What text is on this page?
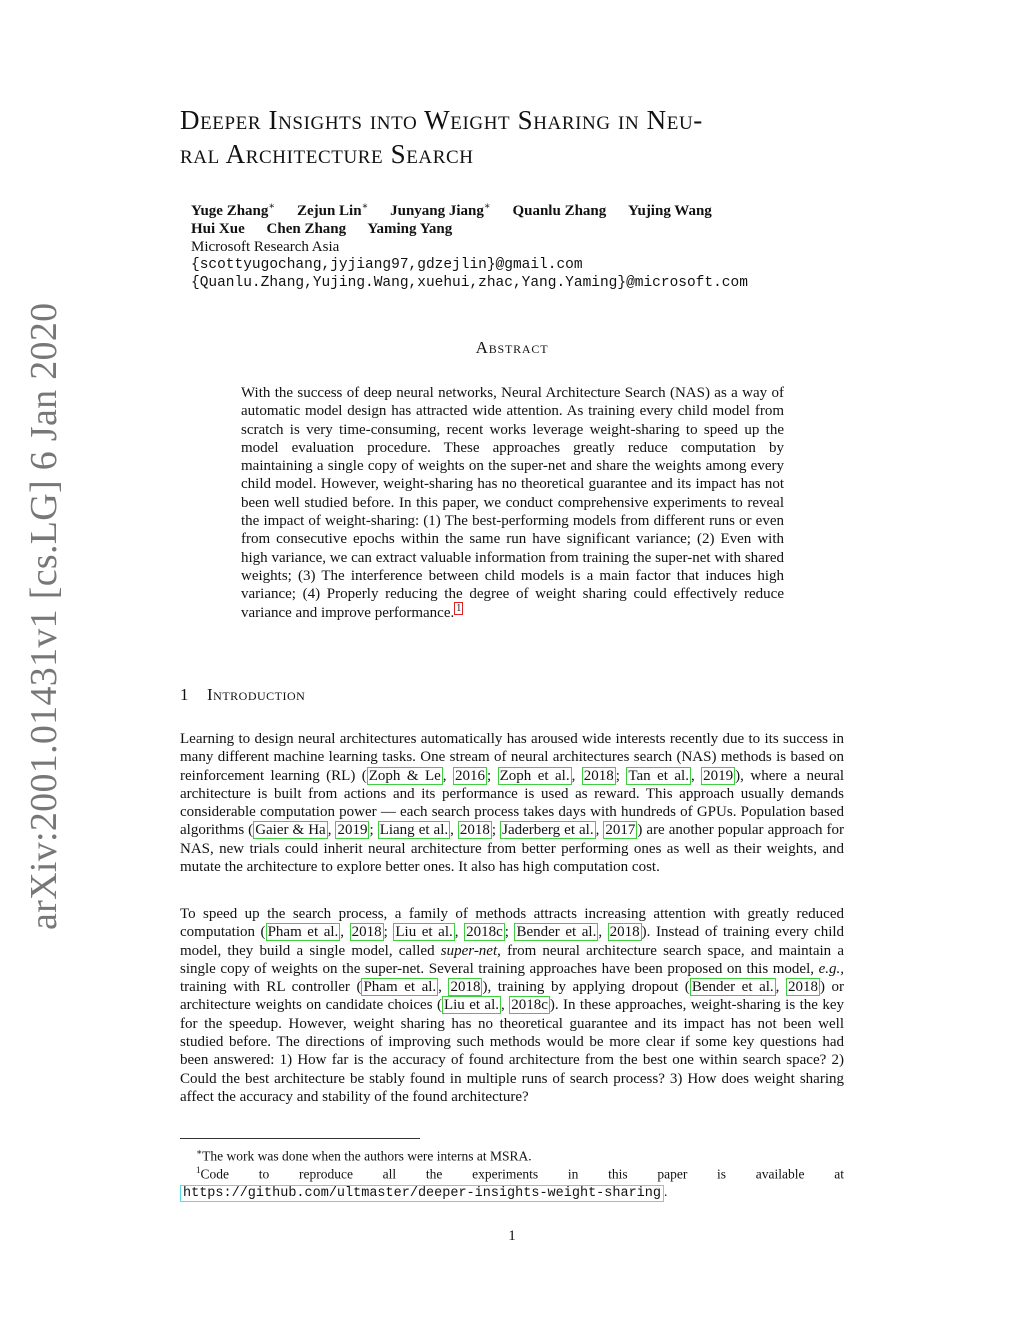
arXiv:2001.01431v1 [cs.LG] 6 Jan 2020
Deeper Insights into Weight Sharing in Neu-
ral Architecture Search
Yuge Zhang∗ Zejun Lin∗ Junyang Jiang∗ Quanlu Zhang Yujing Wang
Hui Xue Chen Zhang Yaming Yang
Microsoft Research Asia
{scottyugochang,jyjiang97,gdzejlin}@gmail.com
{Quanlu.Zhang,Yujing.Wang,xuehui,zhac,Yang.Yaming}@microsoft.com
Abstract
With the success of deep neural networks, Neural Architecture Search (NAS) as a way of automatic model design has attracted wide attention. As training every child model from scratch is very time-consuming, recent works leverage weight-sharing to speed up the model evaluation procedure. These approaches greatly reduce computation by maintaining a single copy of weights on the super-net and share the weights among every child model. However, weight-sharing has no theoretical guarantee and its impact has not been well studied before. In this paper, we conduct comprehensive experiments to reveal the impact of weight-sharing: (1) The best-performing models from different runs or even from consecutive epochs within the same run have significant variance; (2) Even with high variance, we can extract valuable information from training the super-net with shared weights; (3) The interference between child models is a main factor that induces high variance; (4) Properly reducing the degree of weight sharing could effectively reduce variance and improve performance. $^1$
1 Introduction
Learning to design neural architectures automatically has aroused wide interests recently due to its success in many different machine learning tasks. One stream of neural architectures search (NAS) methods is based on reinforcement learning (RL) ( Zoph & Le , 2016 ; Zoph et al. , 2018 ; Tan et al. , 2019 ), where a neural architecture is built from actions and its performance is used as reward. This approach usually demands considerable computation power — each search process takes days with hundreds of GPUs. Population based algorithms ( Gaier & Ha , 2019 ; Liang et al. , 2018 ; Jaderberg et al. , 2017 ) are another popular approach for NAS, new trials could inherit neural architecture from better performing ones as well as their weights, and mutate the architecture to explore better ones. It also has high computation cost.
To speed up the search process, a family of methods attracts increasing attention with greatly reduced computation ( Pham et al. , 2018 ; Liu et al. , 2018c ; Bender et al. , 2018 ). Instead of training every child model, they build a single model, called super-net, from neural architecture search space, and maintain a single copy of weights on the super-net. Several training approaches have been proposed on this model, e.g., training with RL controller ( Pham et al. , 2018 ), training by applying dropout ( Bender et al. , 2018 ) or architecture weights on candidate choices ( Liu et al. , 2018c ). In these approaches, weight-sharing is the key for the speedup. However, weight sharing has no theoretical guarantee and its impact has not been well studied before. The directions of improving such methods would be more clear if some key questions had been answered: 1) How far is the accuracy of found architecture from the best one within search space? 2) Could the best architecture be stably found in multiple runs of search process? 3) How does weight sharing affect the accuracy and stability of the found architecture?
∗The work was done when the authors were interns at MSRA.
$^1$Code to reproduce all the experiments in this paper is available at https://github.com/ultmaster/deeper-insights-weight-sharing .
1
